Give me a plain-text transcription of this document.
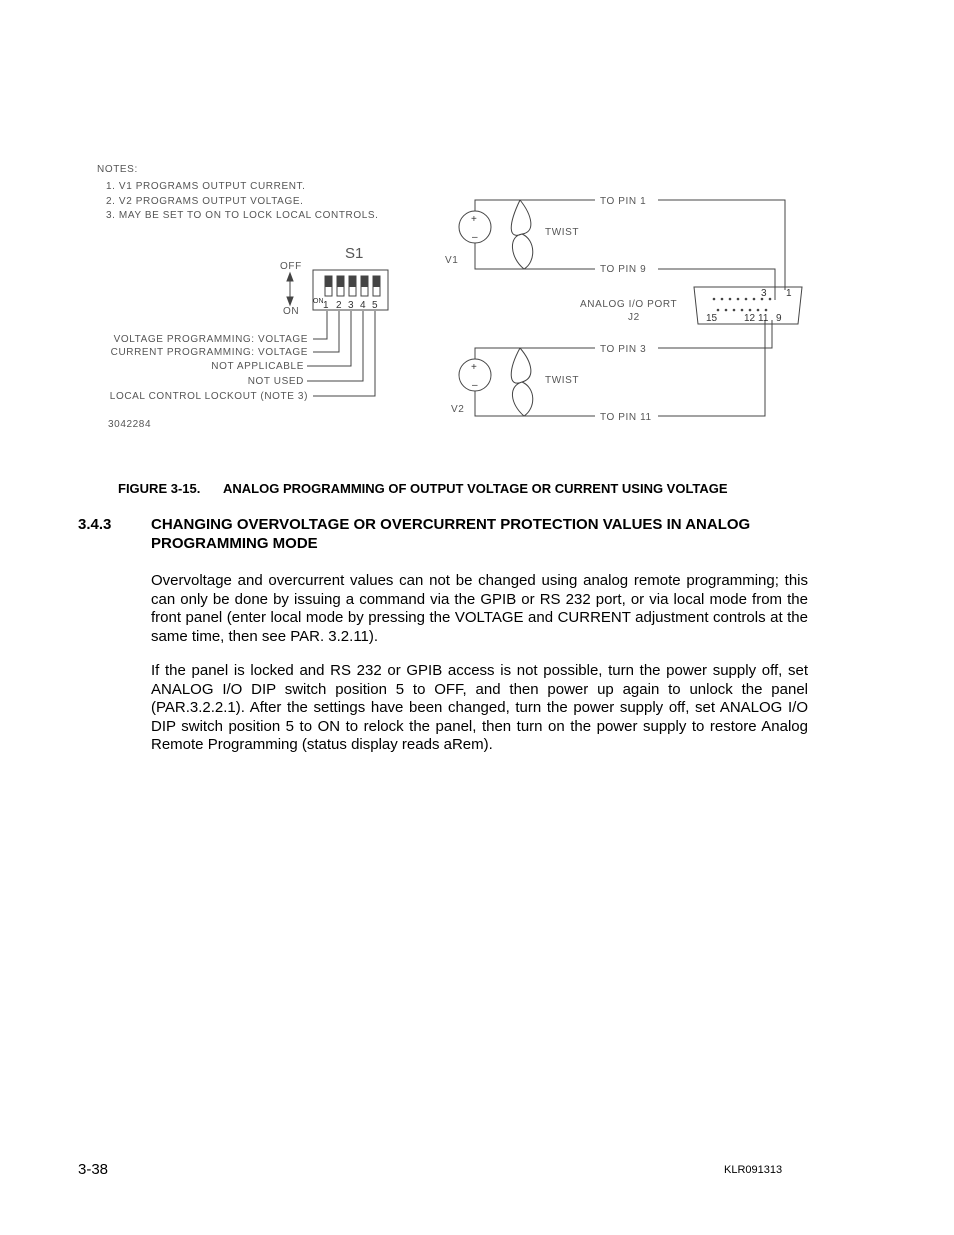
+
–
+
–
NOTES:
1. V1 PROGRAMS OUTPUT CURRENT.
2. V2 PROGRAMS OUTPUT VOLTAGE.
3. MAY BE SET TO ON TO LOCK LOCAL CONTROLS.
S1
OFF
ON
ON 1 2 3 4 5
VOLTAGE PROGRAMMING: VOLTAGE
CURRENT PROGRAMMING: VOLTAGE
NOT APPLICABLE
NOT USED
LOCAL CONTROL LOCKOUT (NOTE 3)
3042284
V1
V2
TWIST
TWIST
TO PIN 1
TO PIN 9
TO PIN 3
TO PIN 11
ANALOG I/O PORT
J2
3 1
15	12 11 9
FIGURE 3-15. ANALOG PROGRAMMING OF OUTPUT VOLTAGE OR CURRENT USING VOLTAGE
3.4.3	CHANGING OVERVOLTAGE OR OVERCURRENT PROTECTION VALUES IN ANALOG PROGRAMMING MODE

Overvoltage and overcurrent values can not be changed using analog remote programming; this can only be done by issuing a command via the GPIB or RS 232 port, or via local mode from the front panel (enter local mode by pressing the VOLTAGE and CURRENT adjustment controls at the same time, then see PAR. 3.2.11).

If the panel is locked and RS 232 or GPIB access is not possible, turn the power supply off, set ANALOG I/O DIP switch position 5 to OFF, and then power up again to unlock the panel (PAR.3.2.2.1). After the settings have been changed, turn the power supply off, set ANALOG I/O DIP switch position 5 to ON to relock the panel, then turn on the power supply to restore Analog Remote Programming (status display reads aRem).

3-38	KLR091313
